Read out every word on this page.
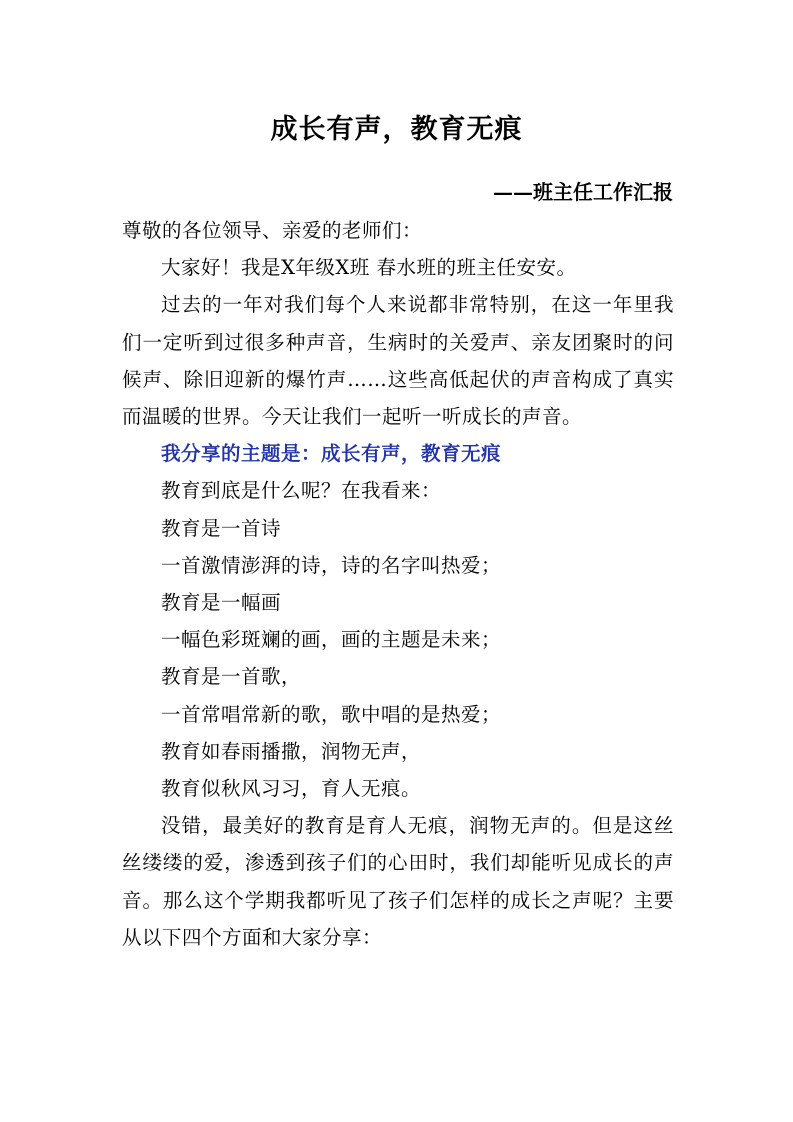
成长有声，教育无痕
——班主任工作汇报

尊敬的各位领导、亲爱的老师们：

大家好！我是X年级X班 春水班的班主任安安。

过去的一年对我们每个人来说都非常特别，在这一年里我们一定听到过很多种声音，生病时的关爱声、亲友团聚时的问候声、除旧迎新的爆竹声……这些高低起伏的声音构成了真实而温暖的世界。今天让我们一起听一听成长的声音。

我分享的主题是：成长有声，教育无痕

教育到底是什么呢？在我看来：

教育是一首诗

一首激情澎湃的诗，诗的名字叫热爱；

教育是一幅画

一幅色彩斑斓的画，画的主题是未来；

教育是一首歌，

一首常唱常新的歌，歌中唱的是热爱；

教育如春雨播撒，润物无声，

教育似秋风习习，育人无痕。

没错，最美好的教育是育人无痕，润物无声的。但是这丝丝缕缕的爱，渗透到孩子们的心田时，我们却能听见成长的声音。那么这个学期我都听见了孩子们怎样的成长之声呢？主要从以下四个方面和大家分享：
